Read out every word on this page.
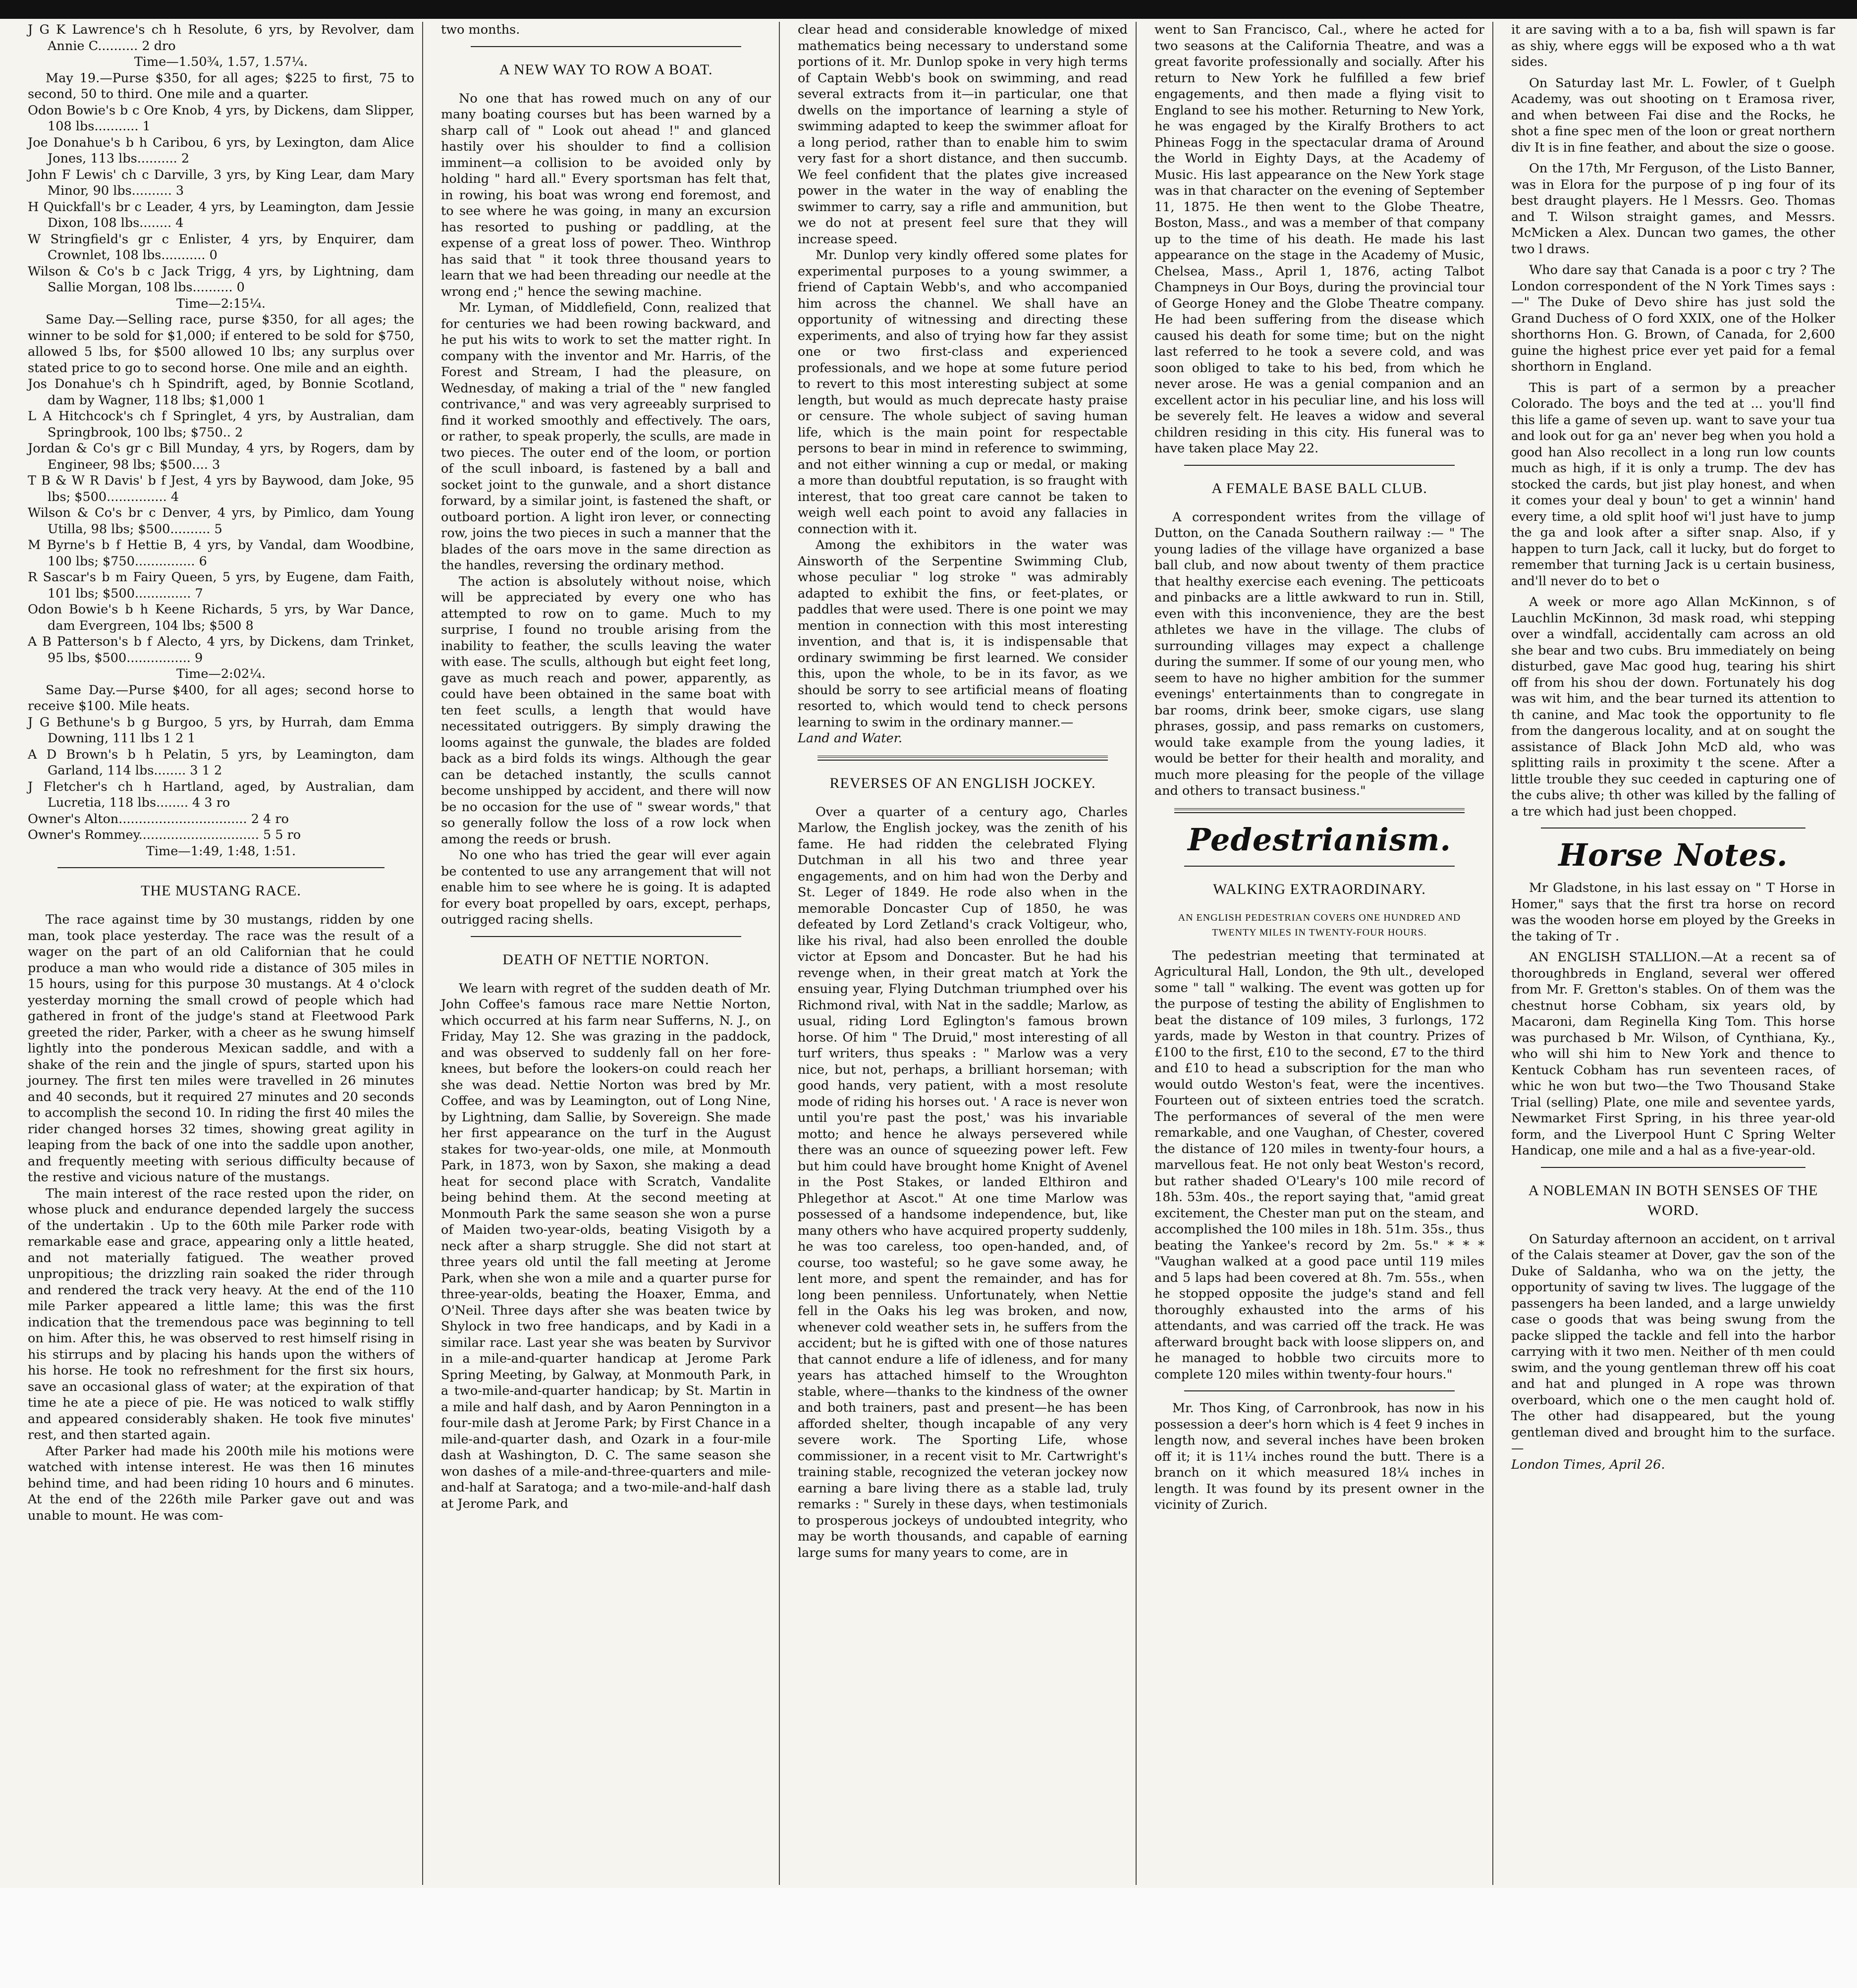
J G K Lawrence's ch h Resolute, 6 yrs, by Revolver, dam Annie C.......... 2 dro
Time—1.50¾, 1.57, 1.57¼.

May 19.—Purse $350, for all ages; $225 to first, 75 to second, 50 to third. One mile and a quarter.

Odon Bowie's b c Ore Knob, 4 yrs, by Dickens, dam Slipper, 108 lbs........... 1
Joe Donahue's b h Caribou, 6 yrs, by Lexington, dam Alice Jones, 113 lbs.......... 2
John F Lewis' ch c Darville, 3 yrs, by King Lear, dam Mary Minor, 90 lbs.......... 3
H Quickfall's br c Leader, 4 yrs, by Leamington, dam Jessie Dixon, 108 lbs........ 4
W Stringfield's gr c Enlister, 4 yrs, by Enquirer, dam Crownlet, 108 lbs........... 0
Wilson & Co's b c Jack Trigg, 4 yrs, by Lightning, dam Sallie Morgan, 108 lbs.......... 0
Time—2:15¼.

Same Day.—Selling race, purse $350, for all ages; the winner to be sold for $1,000; if entered to be sold for $750, allowed 5 lbs, for $500 allowed 10 lbs; any surplus over stated price to go to second horse. One mile and an eighth.

Jos Donahue's ch h Spindrift, aged, by Bonnie Scotland, dam by Wagner, 118 lbs; $1,000 1
L A Hitchcock's ch f Springlet, 4 yrs, by Australian, dam Springbrook, 100 lbs; $750.. 2
Jordan & Co's gr c Bill Munday, 4 yrs, by Rogers, dam by Engineer, 98 lbs; $500.... 3
T B & W R Davis' b f Jest, 4 yrs by Baywood, dam Joke, 95 lbs; $500............... 4
Wilson & Co's br c Denver, 4 yrs, by Pimlico, dam Young Utilla, 98 lbs; $500.......... 5
M Byrne's b f Hettie B, 4 yrs, by Vandal, dam Woodbine, 100 lbs; $750............... 6
R Sascar's b m Fairy Queen, 5 yrs, by Eugene, dam Faith, 101 lbs; $500.............. 7
Odon Bowie's b h Keene Richards, 5 yrs, by War Dance, dam Evergreen, 104 lbs; $500 8
A B Patterson's b f Alecto, 4 yrs, by Dickens, dam Trinket, 95 lbs, $500................ 9
Time—2:02¼.

Same Day.—Purse $400, for all ages; second horse to receive $100. Mile heats.

J G Bethune's b g Burgoo, 5 yrs, by Hurrah, dam Emma Downing, 111 lbs 1 2 1
A D Brown's b h Pelatin, 5 yrs, by Leamington, dam Garland, 114 lbs........ 3 1 2
J Fletcher's ch h Hartland, aged, by Australian, dam Lucretia, 118 lbs........ 4 3 ro
Owner's Alton................................ 2 4 ro
Owner's Rommey.............................. 5 5 ro
Time—1:49, 1:48, 1:51.
THE MUSTANG RACE.

The race against time by 30 mustangs, ridden by one man, took place yesterday. The race was the result of a wager on the part of an old Californian that he could produce a man who would ride a distance of 305 miles in 15 hours, using for this purpose 30 mustangs. At 4 o'clock yesterday morning the small crowd of people which had gathered in front of the judge's stand at Fleetwood Park greeted the rider, Parker, with a cheer as he swung himself lightly into the ponderous Mexican saddle, and with a shake of the rein and the jingle of spurs, started upon his journey. The first ten miles were travelled in 26 minutes and 40 seconds, but it required 27 minutes and 20 seconds to accomplish the second 10. In riding the first 40 miles the rider changed horses 32 times, showing great agility in leaping from the back of one into the saddle upon another, and frequently meeting with serious difficulty because of the restive and vicious nature of the mustangs.

The main interest of the race rested upon the rider, on whose pluck and endurance depended largely the success of the undertakin . Up to the 60th mile Parker rode with remarkable ease and grace, appearing only a little heated, and not materially fatigued. The weather proved unpropitious; the drizzling rain soaked the rider through and rendered the track very heavy. At the end of the 110 mile Parker appeared a little lame; this was the first indication that the tremendous pace was beginning to tell on him. After this, he was observed to rest himself rising in his stirrups and by placing his hands upon the withers of his horse. He took no refreshment for the first six hours, save an occasional glass of water; at the expiration of that time he ate a piece of pie. He was noticed to walk stiffly and appeared considerably shaken. He took five minutes' rest, and then started again.

After Parker had made his 200th mile his motions were watched with intense interest. He was then 16 minutes behind time, and had been riding 10 hours and 6 minutes. At the end of the 226th mile Parker gave out and was unable to mount. He was com-

two months.

A NEW WAY TO ROW A BOAT.

No one that has rowed much on any of our many boating courses but has been warned by a sharp call of " Look out ahead !" and glanced hastily over his shoulder to find a collision imminent—a collision to be avoided only by holding " hard all." Every sportsman has felt that, in rowing, his boat was wrong end foremost, and to see where he was going, in many an excursion has resorted to pushing or paddling, at the expense of a great loss of power. Theo. Winthrop has said that " it took three thousand years to learn that we had been threading our needle at the wrong end ;" hence the sewing machine.

Mr. Lyman, of Middlefield, Conn, realized that for centuries we had been rowing backward, and he put his wits to work to set the matter right. In company with the inventor and Mr. Harris, of the Forest and Stream, I had the pleasure, on Wednesday, of making a trial of the " new fangled contrivance," and was very agreeably surprised to find it worked smoothly and effectively. The oars, or rather, to speak properly, the sculls, are made in two pieces. The outer end of the loom, or portion of the scull inboard, is fastened by a ball and socket joint to the gunwale, and a short distance forward, by a similar joint, is fastened the shaft, or outboard portion. A light iron lever, or connecting row, joins the two pieces in such a manner that the blades of the oars move in the same direction as the handles, reversing the ordinary method.

The action is absolutely without noise, which will be appreciated by every one who has attempted to row on to game. Much to my surprise, I found no trouble arising from the inability to feather, the sculls leaving the water with ease. The sculls, although but eight feet long, gave as much reach and power, apparently, as could have been obtained in the same boat with ten feet sculls, a length that would have necessitated outriggers. By simply drawing the looms against the gunwale, the blades are folded back as a bird folds its wings. Although the gear can be detached instantly, the sculls cannot become unshipped by accident, and there will now be no occasion for the use of " swear words," that so generally follow the loss of a row lock when among the reeds or brush.

No one who has tried the gear will ever again be contented to use any arrangement that will not enable him to see where he is going. It is adapted for every boat propelled by oars, except, perhaps, outrigged racing shells.

DEATH OF NETTIE NORTON.

We learn with regret of the sudden death of Mr. John Coffee's famous race mare Nettie Norton, which occurred at his farm near Sufferns, N. J., on Friday, May 12. She was grazing in the paddock, and was observed to suddenly fall on her fore-knees, but before the lookers-on could reach her she was dead. Nettie Norton was bred by Mr. Coffee, and was by Leamington, out of Long Nine, by Lightning, dam Sallie, by Sovereign. She made her first appearance on the turf in the August stakes for two-year-olds, one mile, at Monmouth Park, in 1873, won by Saxon, she making a dead heat for second place with Scratch, Vandalite being behind them. At the second meeting at Monmouth Park the same season she won a purse of Maiden two-year-olds, beating Visigoth by a neck after a sharp struggle. She did not start at three years old until the fall meeting at Jerome Park, when she won a mile and a quarter purse for three-year-olds, beating the Hoaxer, Emma, and O'Neil. Three days after she was beaten twice by Shylock in two free handicaps, and by Kadi in a similar race. Last year she was beaten by Survivor in a mile-and-quarter handicap at Jerome Park Spring Meeting, by Galway, at Monmouth Park, in a two-mile-and-quarter handicap; by St. Martin in a mile and half dash, and by Aaron Pennington in a four-mile dash at Jerome Park; by First Chance in a mile-and-quarter dash, and Ozark in a four-mile dash at Washington, D. C. The same season she won dashes of a mile-and-three-quarters and mile-and-half at Saratoga; and a two-mile-and-half dash at Jerome Park, and

clear head and considerable knowledge of mixed mathematics being necessary to understand some portions of it. Mr. Dunlop spoke in very high terms of Captain Webb's book on swimming, and read several extracts from it—in particular, one that dwells on the importance of learning a style of swimming adapted to keep the swimmer afloat for a long period, rather than to enable him to swim very fast for a short distance, and then succumb. We feel confident that the plates give increased power in the water in the way of enabling the swimmer to carry, say a rifle and ammunition, but we do not at present feel sure that they will increase speed.

Mr. Dunlop very kindly offered some plates for experimental purposes to a young swimmer, a friend of Captain Webb's, and who accompanied him across the channel. We shall have an opportunity of witnessing and directing these experiments, and also of trying how far they assist one or two first-class and experienced professionals, and we hope at some future period to revert to this most interesting subject at some length, but would as much deprecate hasty praise or censure. The whole subject of saving human life, which is the main point for respectable persons to bear in mind in reference to swimming, and not either winning a cup or medal, or making a more than doubtful reputation, is so fraught with interest, that too great care cannot be taken to weigh well each point to avoid any fallacies in connection with it.

Among the exhibitors in the water was Ainsworth of the Serpentine Swimming Club, whose peculiar " log stroke " was admirably adapted to exhibit the fins, or feet-plates, or paddles that were used. There is one point we may mention in connection with this most interesting invention, and that is, it is indispensable that ordinary swimming be first learned. We consider this, upon the whole, to be in its favor, as we should be sorry to see artificial means of floating resorted to, which would tend to check persons learning to swim in the ordinary manner.—

Land and Water.

REVERSES OF AN ENGLISH JOCKEY.

Over a quarter of a century ago, Charles Marlow, the English jockey, was the zenith of his fame. He had ridden the celebrated Flying Dutchman in all his two and three year engagements, and on him had won the Derby and St. Leger of 1849. He rode also when in the memorable Doncaster Cup of 1850, he was defeated by Lord Zetland's crack Voltigeur, who, like his rival, had also been enrolled the double victor at Epsom and Doncaster. But he had his revenge when, in their great match at York the ensuing year, Flying Dutchman triumphed over his Richmond rival, with Nat in the saddle; Marlow, as usual, riding Lord Eglington's famous brown horse. Of him " The Druid," most interesting of all turf writers, thus speaks : " Marlow was a very nice, but not, perhaps, a brilliant horseman; with good hands, very patient, with a most resolute mode of riding his horses out. ' A race is never won until you're past the post,' was his invariable motto; and hence he always persevered while there was an ounce of squeezing power left. Few but him could have brought home Knight of Avenel in the Post Stakes, or landed Elthiron and Phlegethor at Ascot." At one time Marlow was possessed of a handsome independence, but, like many others who have acquired property suddenly, he was too careless, too open-handed, and, of course, too wasteful; so he gave some away, he lent more, and spent the remainder, and has for long been penniless. Unfortunately, when Nettie fell in the Oaks his leg was broken, and now, whenever cold weather sets in, he suffers from the accident; but he is gifted with one of those natures that cannot endure a life of idleness, and for many years has attached himself to the Wroughton stable, where—thanks to the kindness of the owner and both trainers, past and present—he has been afforded shelter, though incapable of any very severe work. The Sporting Life, whose commissioner, in a recent visit to Mr. Cartwright's training stable, recognized the veteran jockey now earning a bare living there as a stable lad, truly remarks : " Surely in these days, when testimonials to prosperous jockeys of undoubted integrity, who may be worth thousands, and capable of earning large sums for many years to come, are in

went to San Francisco, Cal., where he acted for two seasons at the California Theatre, and was a great favorite professionally and socially. After his return to New York he fulfilled a few brief engagements, and then made a flying visit to England to see his mother. Returning to New York, he was engaged by the Kiralfy Brothers to act Phineas Fogg in the spectacular drama of Around the World in Eighty Days, at the Academy of Music. His last appearance on the New York stage was in that character on the evening of September 11, 1875. He then went to the Globe Theatre, Boston, Mass., and was a member of that company up to the time of his death. He made his last appearance on the stage in the Academy of Music, Chelsea, Mass., April 1, 1876, acting Talbot Champneys in Our Boys, during the provincial tour of George Honey and the Globe Theatre company. He had been suffering from the disease which caused his death for some time; but on the night last referred to he took a severe cold, and was soon obliged to take to his bed, from which he never arose. He was a genial companion and an excellent actor in his peculiar line, and his loss will be severely felt. He leaves a widow and several children residing in this city. His funeral was to have taken place May 22.

A FEMALE BASE BALL CLUB.

A correspondent writes from the village of Dutton, on the Canada Southern railway :— " The young ladies of the village have organized a base ball club, and now about twenty of them practice that healthy exercise each evening. The petticoats and pinbacks are a little awkward to run in. Still, even with this inconvenience, they are the best athletes we have in the village. The clubs of surrounding villages may expect a challenge during the summer. If some of our young men, who seem to have no higher ambition for the summer evenings' entertainments than to congregate in bar rooms, drink beer, smoke cigars, use slang phrases, gossip, and pass remarks on customers, would take example from the young ladies, it would be better for their health and morality, and much more pleasing for the people of the village and others to transact business."

Pedestrianism.
WALKING EXTRAORDINARY.
AN ENGLISH PEDESTRIAN COVERS ONE HUNDRED AND TWENTY MILES IN TWENTY-FOUR HOURS.

The pedestrian meeting that terminated at Agricultural Hall, London, the 9th ult., developed some " tall " walking. The event was gotten up for the purpose of testing the ability of Englishmen to beat the distance of 109 miles, 3 furlongs, 172 yards, made by Weston in that country. Prizes of £100 to the first, £10 to the second, £7 to the third and £10 to head a subscription for the man who would outdo Weston's feat, were the incentives. Fourteen out of sixteen entries toed the scratch. The performances of several of the men were remarkable, and one Vaughan, of Chester, covered the distance of 120 miles in twenty-four hours, a marvellous feat. He not only beat Weston's record, but rather shaded O'Leary's 100 mile record of 18h. 53m. 40s., the report saying that, "amid great excitement, the Chester man put on the steam, and accomplished the 100 miles in 18h. 51m. 35s., thus beating the Yankee's record by 2m. 5s." * * * "Vaughan walked at a good pace until 119 miles and 5 laps had been covered at 8h. 7m. 55s., when he stopped opposite the judge's stand and fell thoroughly exhausted into the arms of his attendants, and was carried off the track. He was afterward brought back with loose slippers on, and he managed to hobble two circuits more to complete 120 miles within twenty-four hours."

Mr. Thos King, of Carronbrook, has now in his possession a deer's horn which is 4 feet 9 inches in length now, and several inches have been broken off it; it is 11¼ inches round the butt. There is a branch on it which measured 18¼ inches in length. It was found by its present owner in the vicinity of Zurich.

it are saving with a to a ba, fish will spawn is far as shiy, where eggs will be exposed who a th wat sides.

On Saturday last Mr. L. Fowler, of t Guelph Academy, was out shooting on t Eramosa river, and when between Fai dise and the Rocks, he shot a fine spec men of the loon or great northern div It is in fine feather, and about the size o goose.

On the 17th, Mr Ferguson, of the Listo Banner, was in Elora for the purpose of p ing four of its best draught players. He l Messrs. Geo. Thomas and T. Wilson straight games, and Messrs. McMicken a Alex. Duncan two games, the other two l draws.

Who dare say that Canada is a poor c try ? The London correspondent of the N York Times says :—" The Duke of Devo shire has just sold the Grand Duchess of O ford XXIX, one of the Holker shorthorns Hon. G. Brown, of Canada, for 2,600 guine the highest price ever yet paid for a femal shorthorn in England.

This is part of a sermon by a preacher Colorado. The boys and the ted at ... you'll find this life a game of seven up. want to save your tua and look out for ga an' never beg when you hold a good han Also recollect in a long run low counts much as high, if it is only a trump. The dev has stocked the cards, but jist play honest, and when it comes your deal y boun' to get a winnin' hand every time, a old split hoof wi'l just have to jump the ga and look after a sifter snap. Also, if y happen to turn Jack, call it lucky, but do forget to remember that turning Jack is u certain business, and'll never do to bet o

A week or more ago Allan McKinnon, s of Lauchlin McKinnon, 3d mask road, whi stepping over a windfall, accidentally cam across an old she bear and two cubs. Bru immediately on being disturbed, gave Mac good hug, tearing his shirt off from his shou der down. Fortunately his dog was wit him, and the bear turned its attention to th canine, and Mac took the opportunity to fle from the dangerous locality, and at on sought the assistance of Black John McD ald, who was splitting rails in proximity t the scene. After a little trouble they suc ceeded in capturing one of the cubs alive; th other was killed by the falling of a tre which had just been chopped.

Horse Notes.

Mr Gladstone, in his last essay on " T Horse in Homer," says that the first tra horse on record was the wooden horse em ployed by the Greeks in the taking of Tr .

AN ENGLISH STALLION.—At a recent sa of thoroughbreds in England, several wer offered from Mr. F. Gretton's stables. On of them was the chestnut horse Cobham, six years old, by Macaroni, dam Reginella King Tom. This horse was purchased b Mr. Wilson, of Cynthiana, Ky., who will shi him to New York and thence to Kentuck Cobham has run seventeen races, of whic he won but two—the Two Thousand Stake Trial (selling) Plate, one mile and seventee yards, Newmarket First Spring, in his three year-old form, and the Liverpool Hunt C Spring Welter Handicap, one mile and a hal as a five-year-old.

A NOBLEMAN IN BOTH SENSES OF THE WORD.

On Saturday afternoon an accident, on t arrival of the Calais steamer at Dover, gav the son of the Duke of Saldanha, who wa on the jetty, the opportunity of saving tw lives. The luggage of the passengers ha been landed, and a large unwieldy case o goods that was being swung from the packe slipped the tackle and fell into the harbor carrying with it two men. Neither of th men could swim, and the young gentleman threw off his coat and hat and plunged in A rope was thrown overboard, which one o the men caught hold of. The other had disappeared, but the young gentleman dived and brought him to the surface.—

London Times, April 26.
